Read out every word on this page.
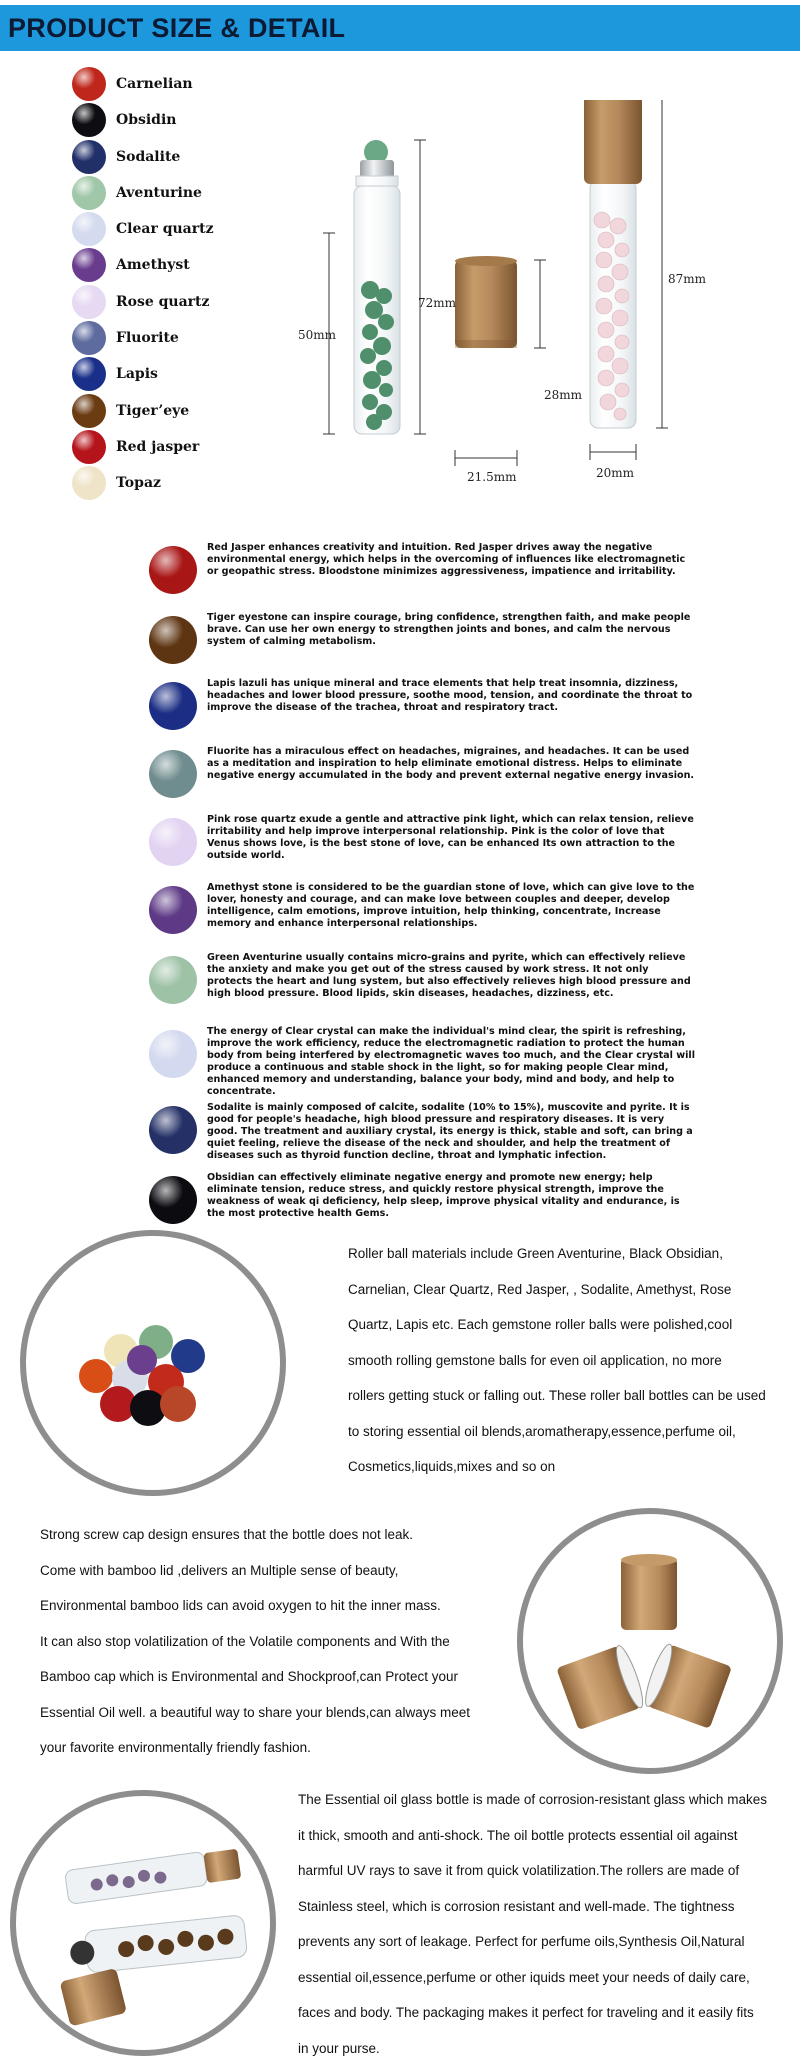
PRODUCT SIZE & DETAIL
Carnelian
Obsidin
Sodalite
Aventurine
Clear quartz
Amethyst
Rose quartz
Fluorite
Lapis
Tiger’eye
Red jasper
Topaz
50mm
72mm
28mm
21.5mm
87mm
20mm
Red Jasper enhances creativity and intuition. Red Jasper drives away the negative environmental energy, which helps in the overcoming of influences like electromagnetic or geopathic stress. Bloodstone minimizes aggressiveness, impatience and irritability.
Tiger eyestone can inspire courage, bring confidence, strengthen faith, and make people brave. Can use her own energy to strengthen joints and bones, and calm the nervous system of calming metabolism.
Lapis lazuli has unique mineral and trace elements that help treat insomnia, dizziness, headaches and lower blood pressure, soothe mood, tension, and coordinate the throat to improve the disease of the trachea, throat and respiratory tract.
Fluorite has a miraculous effect on headaches, migraines, and headaches. It can be used as a meditation and inspiration to help eliminate emotional distress. Helps to eliminate negative energy accumulated in the body and prevent external negative energy invasion.
Pink rose quartz exude a gentle and attractive pink light, which can relax tension, relieve irritability and help improve interpersonal relationship. Pink is the color of love that Venus shows love, is the best stone of love, can be enhanced Its own attraction to the outside world.
Amethyst stone is considered to be the guardian stone of love, which can give love to the lover, honesty and courage, and can make love between couples and deeper, develop intelligence, calm emotions, improve intuition, help thinking, concentrate, Increase memory and enhance interpersonal relationships.
Green Aventurine usually contains micro-grains and pyrite, which can effectively relieve the anxiety and make you get out of the stress caused by work stress. It not only protects the heart and lung system, but also effectively relieves high blood pressure and high blood pressure. Blood lipids, skin diseases, headaches, dizziness, etc.
The energy of Clear crystal can make the individual's mind clear, the spirit is refreshing, improve the work efficiency, reduce the electromagnetic radiation to protect the human body from being interfered by electromagnetic waves too much, and the Clear crystal will produce a continuous and stable shock in the light, so for making people Clear mind, enhanced memory and understanding, balance your body, mind and body, and help to concentrate.
Sodalite is mainly composed of calcite, sodalite (10% to 15%), muscovite and pyrite. It is good for people's headache, high blood pressure and respiratory diseases. It is very good. The treatment and auxiliary crystal, its energy is thick, stable and soft, can bring a quiet feeling, relieve the disease of the neck and shoulder, and help the treatment of diseases such as thyroid function decline, throat and lymphatic infection.
Obsidian can effectively eliminate negative energy and promote new energy; help eliminate tension, reduce stress, and quickly restore physical strength, improve the weakness of weak qi deficiency, help sleep, improve physical vitality and endurance, is the most protective health Gems.
Roller ball materials include Green Aventurine, Black Obsidian,
Carnelian, Clear Quartz, Red Jasper, , Sodalite, Amethyst, Rose
Quartz, Lapis etc. Each gemstone roller balls were polished,cool
smooth rolling gemstone balls for even oil application, no more
rollers getting stuck or falling out. These roller ball bottles can be used
to storing essential oil blends,aromatherapy,essence,perfume oil,
Cosmetics,liquids,mixes and so on
Strong screw cap design ensures that the bottle does not leak.
Come with bamboo lid ,delivers an Multiple sense of beauty,
Environmental bamboo lids can avoid oxygen to hit the inner mass.
It can also stop volatilization of the Volatile components and With the
Bamboo cap which is Environmental and Shockproof,can Protect your
Essential Oil well. a beautiful way to share your blends,can always meet
your favorite environmentally friendly fashion.
The Essential oil glass bottle is made of corrosion-resistant glass which makes
it thick, smooth and anti-shock. The oil bottle protects essential oil against
harmful UV rays to save it from quick volatilization.The rollers are made of
Stainless steel, which is corrosion resistant and well-made. The tightness
prevents any sort of leakage. Perfect for perfume oils,Synthesis Oil,Natural
essential oil,essence,perfume or other iquids meet your needs of daily care,
faces and body. The packaging makes it perfect for traveling and it easily fits
in your purse.
